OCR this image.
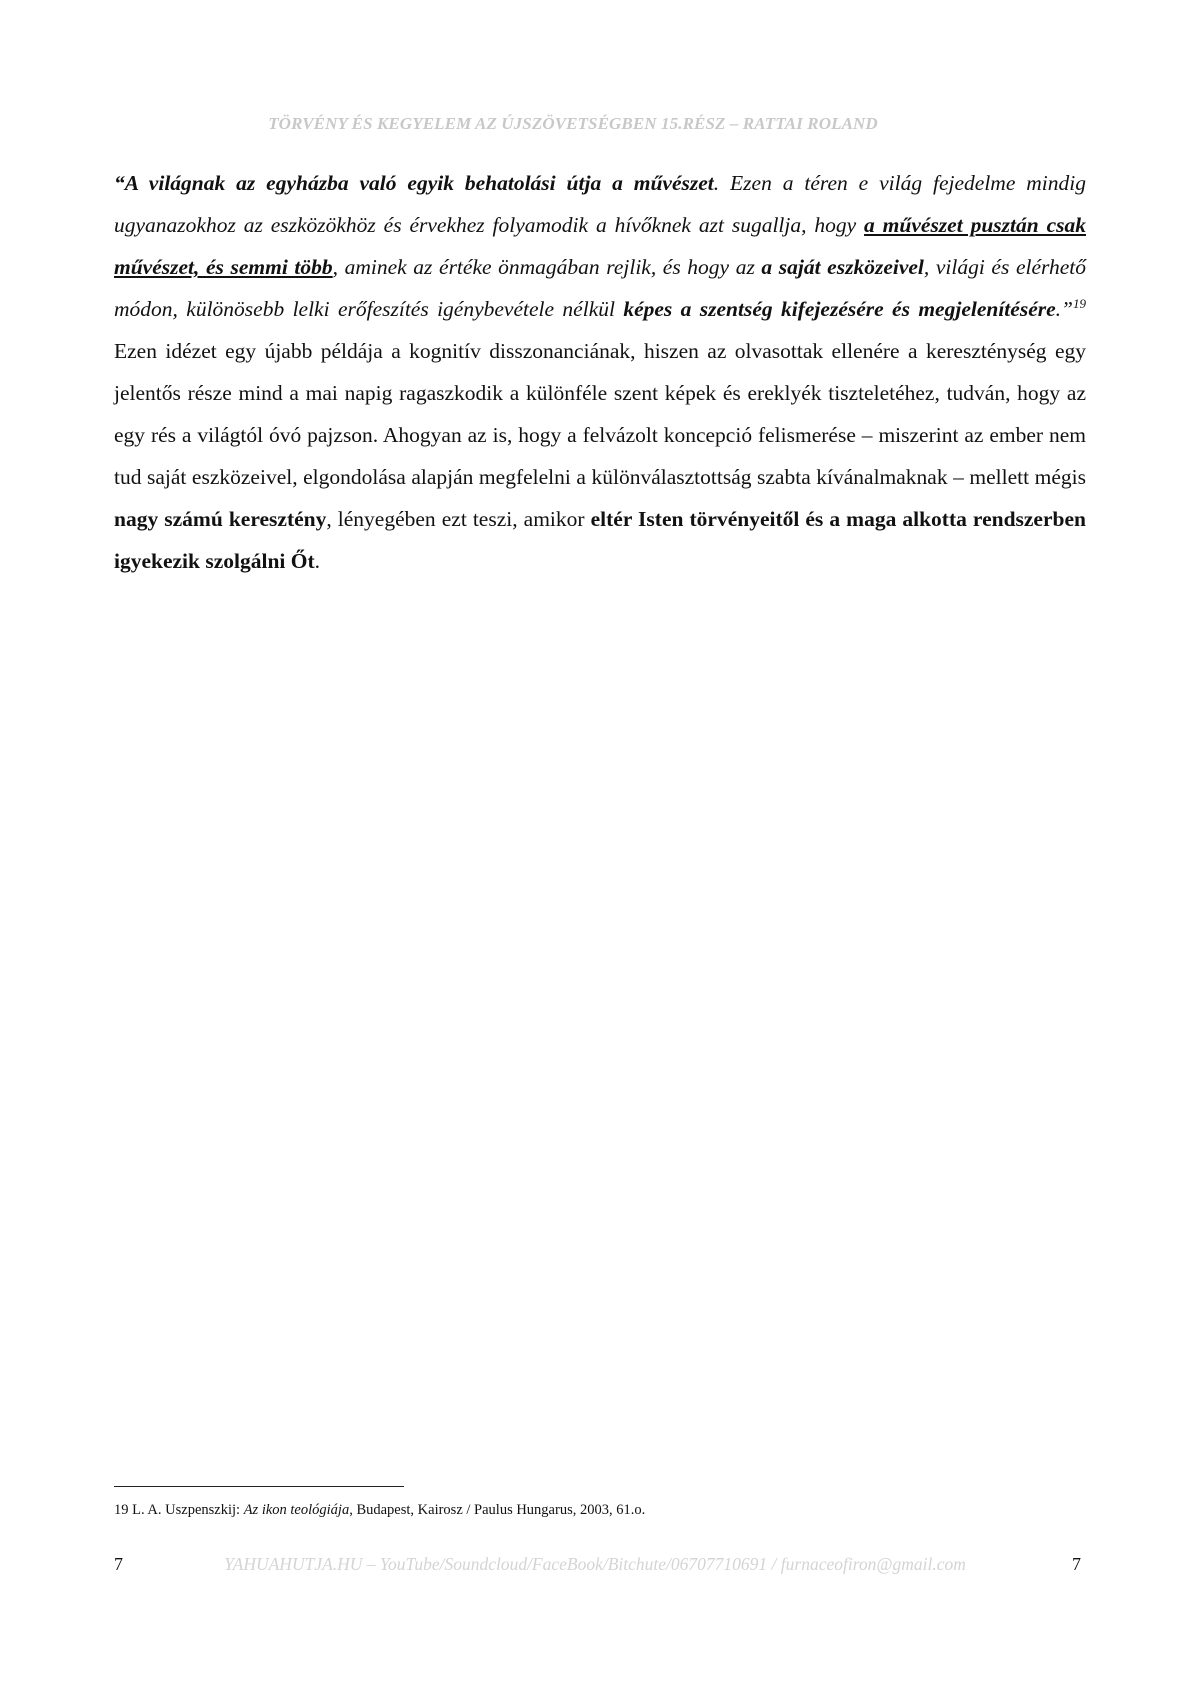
TÖRVÉNY ÉS KEGYELEM AZ ÚJSZÖVETSÉGBEN 15.RÉSZ – RATTAI ROLAND

“A világnak az egyházba való egyik behatolási útja a művészet. Ezen a téren e világ fejedelme mindig ugyanazokhoz az eszközökhöz és érvekhez folyamodik a hívőknek azt sugallja, hogy a művészet pusztán csak művészet, és semmi több, aminek az értéke önmagában rejlik, és hogy az a saját eszközeivel, világi és elérhető módon, különösebb lelki erőfeszítés igénybevétele nélkül képes a szentség kifejezésére és megjelenítésére.”$^{19}$ Ezen idézet egy újabb példája a kognitív disszonanciának, hiszen az olvasottak ellenére a kereszténység egy jelentős része mind a mai napig ragaszkodik a különféle szent képek és ereklyék tiszteletéhez, tudván, hogy az egy rés a világtól óvó pajzson. Ahogyan az is, hogy a felvázolt koncepció felismerése – miszerint az ember nem tud saját eszközeivel, elgondolása alapján megfelelni a különválasztottság szabta kívánalmaknak – mellett mégis nagy számú keresztény, lényegében ezt teszi, amikor eltér Isten törvényeitől és a maga alkotta rendszerben igyekezik szolgálni Őt.

19 L. A. Uszpenszkij: Az ikon teológiája, Budapest, Kairosz / Paulus Hungarus, 2003, 61.o.
7	YAHUAHUTJA.HU – YouTube/Soundcloud/FaceBook/Bitchute/06707710691 / furnaceofiron@gmail.com	7
